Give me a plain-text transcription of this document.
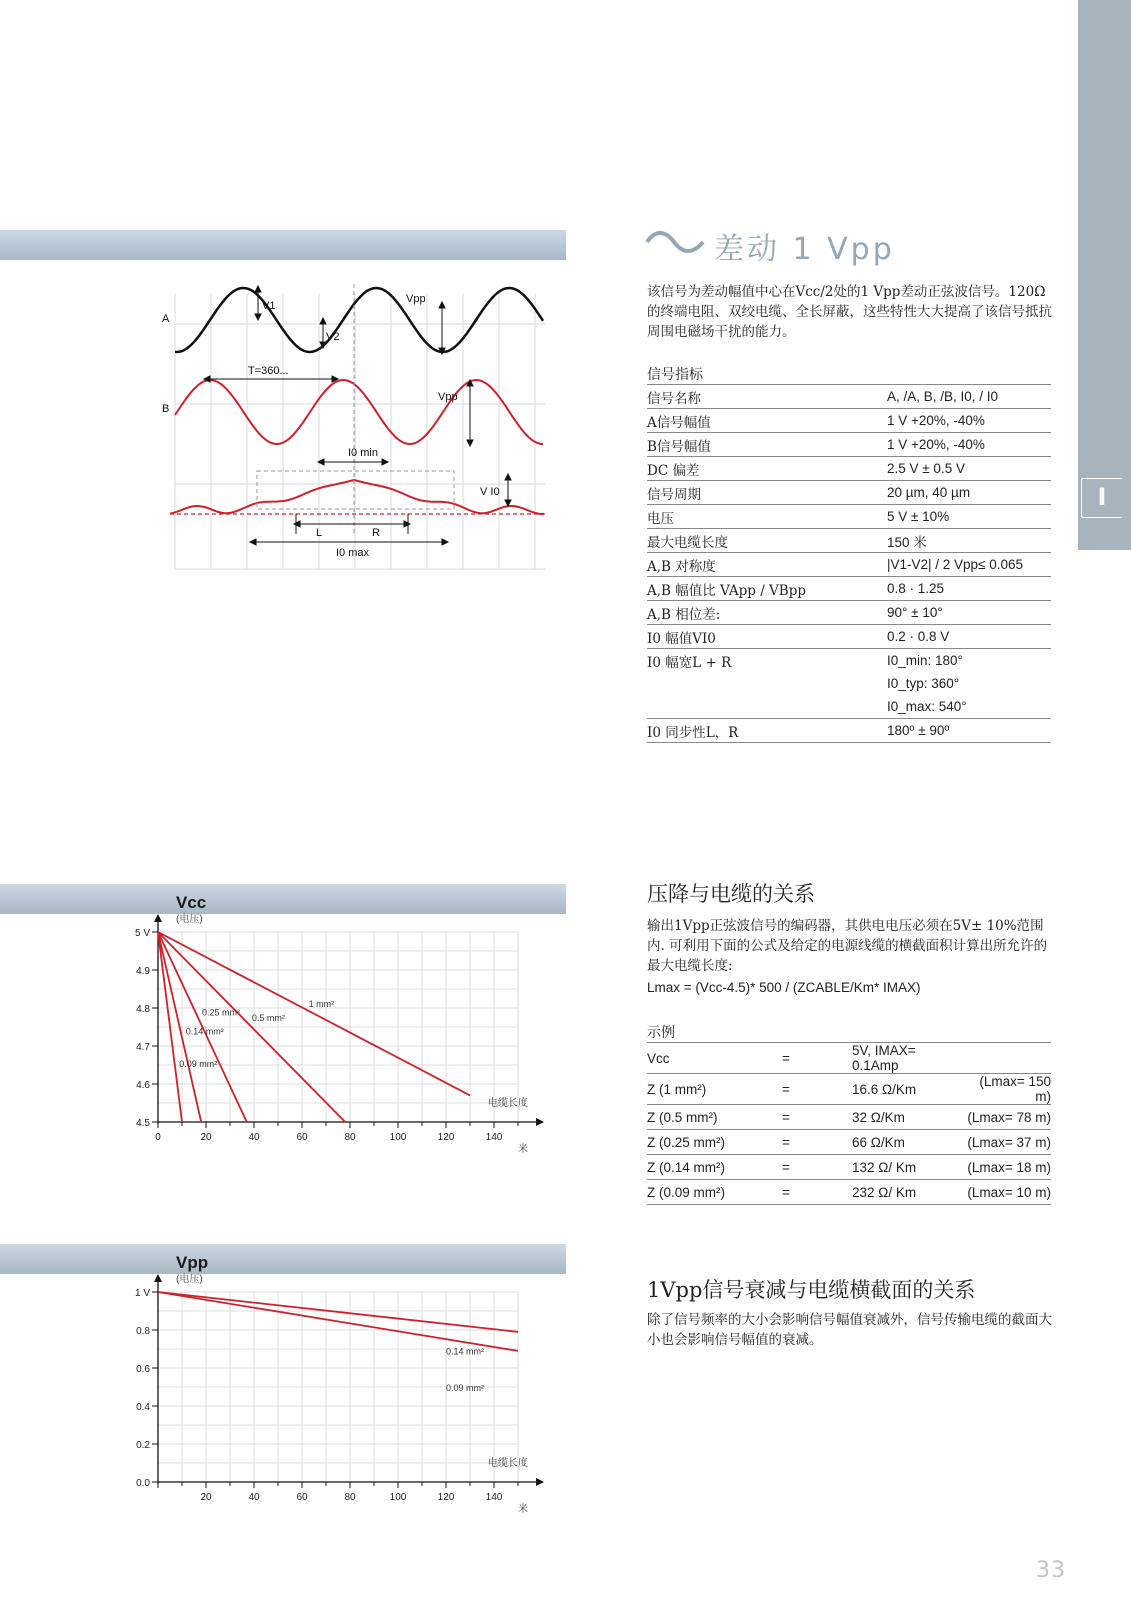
I
差动 1 Vpp
该信号为差动幅值中心在Vcc/2处的1 Vpp差动正弦波信号。120Ω的终端电阻、双绞电缆、全长屏蔽，这些特性大大提高了该信号抵抗周围电磁场干扰的能力。
A
B
V1
V2
Vpp
T=360...
Vpp
I0 min
V I0
L	R
I0 max
信号指标
信号名称	A, /A, B, /B, I0, / I0
A信号幅值	1 V +20%, -40%
B信号幅值	1 V +20%, -40%
DC 偏差	2.5 V ± 0.5 V
信号周期	20 µm, 40 µm
电压	5 V ± 10%
最大电缆长度	150 米
A,B 对称度	|V1-V2| / 2 Vpp≤ 0.065
A,B 幅值比 VApp / VBpp	0.8 · 1.25
A,B 相位差:	90° ± 10°
I0 幅值VI0	0.2 · 0.8 V
I0 幅宽L + R	I0_min: 180°
	I0_typ: 360°
	I0_max: 540°
I0 同步性L，R	180º ± 90º
压降与电缆的关系
输出1Vpp正弦波信号的编码器，其供电电压必须在5V± 10%范围内. 可利用下面的公式及给定的电源线缆的横截面积计算出所允许的最大电缆长度:
Lmax = (Vcc-4.5)* 500 / (ZCABLE/Km* IMAX)
示例
Vcc	=	5V, IMAX= 0.1Amp	
Z (1 mm²)	=	16.6 Ω/Km	(Lmax= 150 m)
Z (0.5 mm²)	=	32 Ω/Km	(Lmax= 78 m)
Z (0.25 mm²)	=	66 Ω/Km	(Lmax= 37 m)
Z (0.14 mm²)	=	132 Ω/ Km	(Lmax= 18 m)
Z (0.09 mm²)	=	232 Ω/ Km	(Lmax= 10 m)
0	20	40	60	80	100	120	140
4.5
4.6
4.7
4.8
4.9
5 V
Vcc
(电压)
电缆长度
米
1 mm²
0.5 mm²
0.25 mm²
0.14 mm²
0.09 mm²
1Vpp信号衰减与电缆横截面的关系
除了信号频率的大小会影响信号幅值衰减外，信号传输电缆的截面大小也会影响信号幅值的衰减。
20	40	60	80	100	120	140
0.0
0.2
0.4
0.6
0.8
1 V
Vpp
(电压)
电缆长度
米
0.14 mm²
0.09 mm²
33
